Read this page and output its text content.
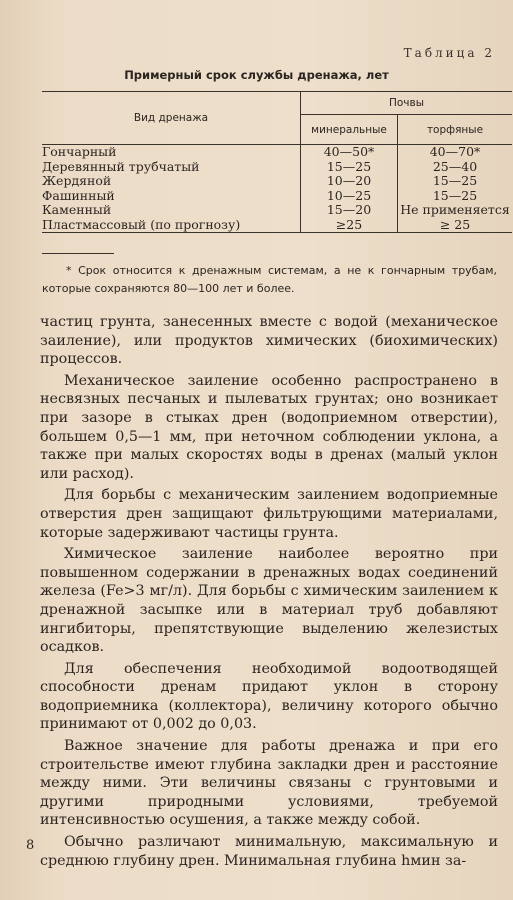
Таблица 2
Примерный срок службы дренажа, лет
Вид дренажа	Почвы	
	минеральные	торфяные
Гончарный	40—50*	40—70*
Деревянный трубчатый	15—25	25—40
Жердяной	10—20	15—25
Фашинный	10—25	15—25
Каменный	15—20	Не применяется
Пластмассовый (по прогнозу)	≥25	≥ 25
* Срок относится к дренажным системам, а не к гончарным трубам, которые сохраняются 80—100 лет и более.

частиц грунта, занесенных вместе с водой (механическое заиление), или продуктов химических (биохимических) процессов.

Механическое заиление особенно распространено в несвязных песчаных и пылеватых грунтах; оно возникает при зазоре в стыках дрен (водоприемном отверстии), большем 0,5—1 мм, при неточном соблюдении уклона, а также при малых скоростях воды в дренах (малый уклон или расход).

Для борьбы с механическим заилением водоприемные отверстия дрен защищают фильтрующими материалами, которые задерживают частицы грунта.

Химическое заиление наиболее вероятно при повышенном содержании в дренажных водах соединений железа (Fe>3 мг/л). Для борьбы с химическим заилением к дренажной засыпке или в материал труб добавляют ингибиторы, препятствующие выделению железистых осадков.

Для обеспечения необходимой водоотводящей способности дренам придают уклон в сторону водоприемника (коллектора), величину которого обычно принимают от 0,002 до 0,03.

Важное значение для работы дренажа и при его строительстве имеют глубина закладки дрен и расстояние между ними. Эти величины связаны с грунтовыми и другими природными условиями, требуемой интенсивностью осушения, а также между собой.

Обычно различают минимальную, максимальную и среднюю глубину дрен. Минимальная глубина hмин за-

8
